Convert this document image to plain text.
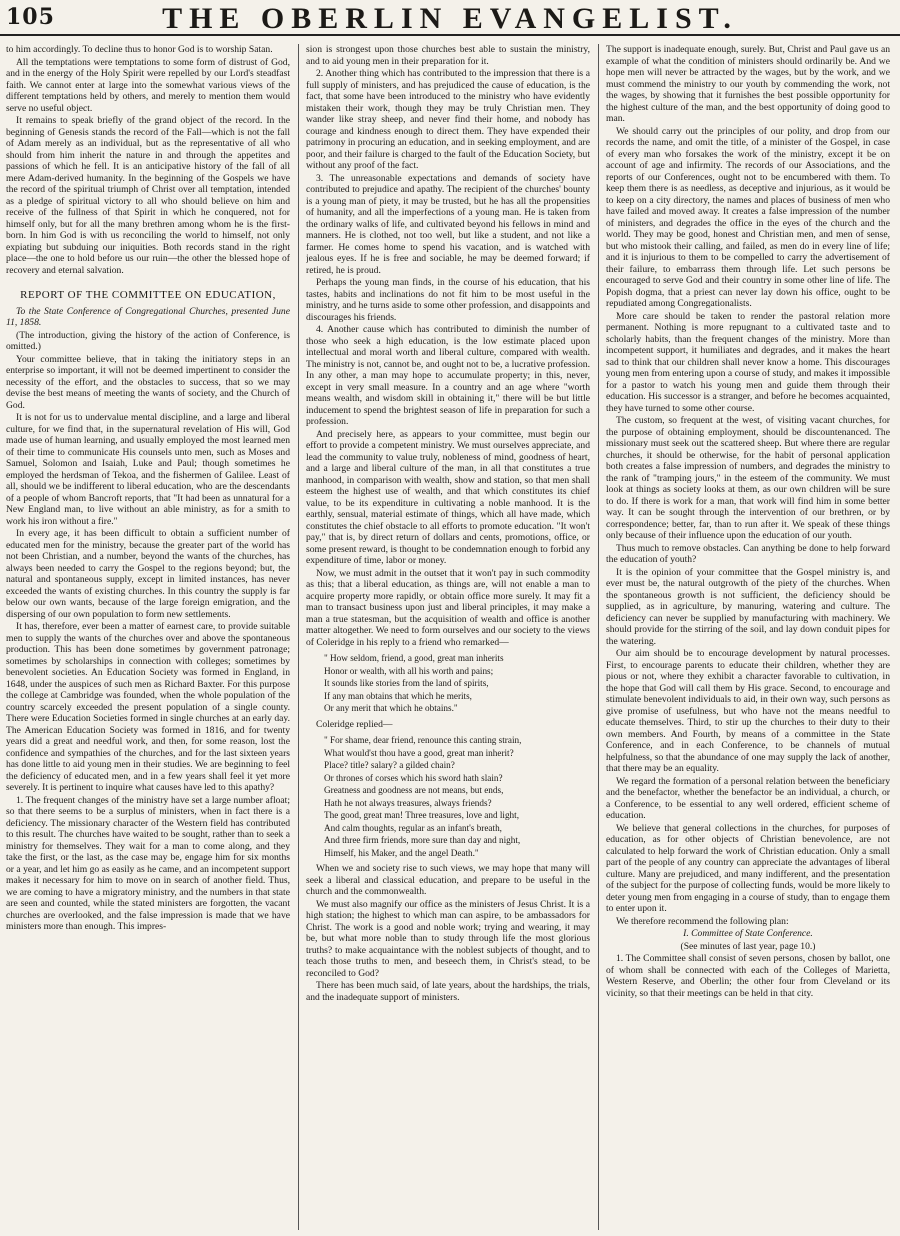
105	THE OBERLIN EVANGELIST.

to him accordingly. To decline thus to honor God is to worship Satan.

All the temptations were temptations to some form of distrust of God, and in the energy of the Holy Spirit were repelled by our Lord's steadfast faith. We cannot enter at large into the somewhat various views of the different temptations held by others, and merely to mention them would serve no useful object.

It remains to speak briefly of the grand object of the record. In the beginning of Genesis stands the record of the Fall—which is not the fall of Adam merely as an individual, but as the representative of all who should from him inherit the nature in and through the appetites and passions of which he fell. It is an anticipative history of the fall of all mere Adam-derived humanity. In the beginning of the Gospels we have the record of the spiritual triumph of Christ over all temptation, intended as a pledge of spiritual victory to all who should believe on him and receive of the fullness of that Spirit in which he conquered, not for himself only, but for all the many brethren among whom he is the first-born. In him God is with us reconciling the world to himself, not only expiating but subduing our iniquities. Both records stand in the right place—the one to hold before us our ruin—the other the blessed hope of recovery and eternal salvation.

REPORT OF THE COMMITTEE ON EDUCATION,

To the State Conference of Congregational Churches, presented June 11, 1858.

(The introduction, giving the history of the action of Conference, is omitted.)

Your committee believe, that in taking the initiatory steps in an enterprise so important, it will not be deemed impertinent to consider the necessity of the effort, and the obstacles to success, that so we may devise the best means of meeting the wants of society, and the Church of God.

It is not for us to undervalue mental discipline, and a large and liberal culture, for we find that, in the supernatural revelation of His will, God made use of human learning, and usually employed the most learned men of their time to communicate His counsels unto men, such as Moses and Samuel, Solomon and Isaiah, Luke and Paul; though sometimes he employed the herdsman of Tekoa, and the fishermen of Galilee. Least of all, should we be indifferent to liberal education, who are the descendants of a people of whom Bancroft reports, that "It had been as unnatural for a New England man, to live without an able ministry, as for a smith to work his iron without a fire."

In every age, it has been difficult to obtain a sufficient number of educated men for the ministry, because the greater part of the world has not been Christian, and a number, beyond the wants of the churches, has always been needed to carry the Gospel to the regions beyond; but, the natural and spontaneous supply, except in limited instances, has never exceeded the wants of existing churches. In this country the supply is far below our own wants, because of the large foreign emigration, and the dispersing of our own population to form new settlements.

It has, therefore, ever been a matter of earnest care, to provide suitable men to supply the wants of the churches over and above the spontaneous production. This has been done sometimes by government patronage; sometimes by scholarships in connection with colleges; sometimes by benevolent societies. An Education Society was formed in England, in 1648, under the auspices of such men as Richard Baxter. For this purpose the college at Cambridge was founded, when the whole population of the country scarcely exceeded the present population of a single county. There were Education Societies formed in single churches at an early day. The American Education Society was formed in 1816, and for twenty years did a great and needful work, and then, for some reason, lost the confidence and sympathies of the churches, and for the last sixteen years has done little to aid young men in their studies. We are beginning to feel the deficiency of educated men, and in a few years shall feel it yet more severely. It is pertinent to inquire what causes have led to this apathy?

1. The frequent changes of the ministry have set a large number afloat; so that there seems to be a surplus of ministers, when in fact there is a deficiency. The missionary character of the Western field has contributed to this result. The churches have waited to be sought, rather than to seek a ministry for themselves. They wait for a man to come along, and they take the first, or the last, as the case may be, engage him for six months or a year, and let him go as easily as he came, and an incompetent support makes it necessary for him to move on in search of another field. Thus, we are coming to have a migratory ministry, and the numbers in that state are seen and counted, while the stated ministers are forgotten, the vacant churches are overlooked, and the false impression is made that we have ministers more than enough. This impres-

sion is strongest upon those churches best able to sustain the ministry, and to aid young men in their preparation for it.

2. Another thing which has contributed to the impression that there is a full supply of ministers, and has prejudiced the cause of education, is the fact, that some have been introduced to the ministry who have evidently mistaken their work, though they may be truly Christian men. They wander like stray sheep, and never find their home, and nobody has courage and kindness enough to direct them. They have expended their patrimony in procuring an education, and in seeking employment, and are poor, and their failure is charged to the fault of the Education Society, but without any proof of the fact.

3. The unreasonable expectations and demands of society have contributed to prejudice and apathy. The recipient of the churches' bounty is a young man of piety, it may be trusted, but he has all the propensities of humanity, and all the imperfections of a young man. He is taken from the ordinary walks of life, and cultivated beyond his fellows in mind and manners. He is clothed, not too well, but like a student, and not like a farmer. He comes home to spend his vacation, and is watched with jealous eyes. If he is free and sociable, he may be deemed forward; if retired, he is proud.

Perhaps the young man finds, in the course of his education, that his tastes, habits and inclinations do not fit him to be most useful in the ministry, and he turns aside to some other profession, and disappoints and discourages his friends.

4. Another cause which has contributed to diminish the number of those who seek a high education, is the low estimate placed upon intellectual and moral worth and liberal culture, compared with wealth. The ministry is not, cannot be, and ought not to be, a lucrative profession. In any other, a man may hope to accumulate property; in this, never, except in very small measure. In a country and an age where "worth means wealth, and wisdom skill in obtaining it," there will be but little inducement to spend the brightest season of life in preparation for such a profession.

And precisely here, as appears to your committee, must begin our effort to provide a competent ministry. We must ourselves appreciate, and lead the community to value truly, nobleness of mind, goodness of heart, and a large and liberal culture of the man, in all that constitutes a true manhood, in comparison with wealth, show and station, so that men shall esteem the highest use of wealth, and that which constitutes its chief value, to be its expenditure in cultivating a noble manhood. It is the earthly, sensual, material estimate of things, which all have made, which constitutes the chief obstacle to all efforts to promote education. "It won't pay," that is, by direct return of dollars and cents, promotions, office, or some present reward, is thought to be condemnation enough to forbid any expenditure of time, labor or money.

Now, we must admit in the outset that it won't pay in such commodity as this; that a liberal education, as things are, will not enable a man to acquire property more rapidly, or obtain office more surely. It may fit a man to transact business upon just and liberal principles, it may make a man a true statesman, but the acquisition of wealth and office is another matter altogether. We need to form ourselves and our society to the views of Coleridge in his reply to a friend who remarked—

" How seldom, friend, a good, great man inherits
Honor or wealth, with all his worth and pains;
It sounds like stories from the land of spirits,
If any man obtains that which he merits,
Or any merit that which he obtains."

Coleridge replied—

" For shame, dear friend, renounce this canting strain,
What would'st thou have a good, great man inherit?
Place? title? salary? a gilded chain?
Or thrones of corses which his sword hath slain?
Greatness and goodness are not means, but ends,
Hath he not always treasures, always friends?
The good, great man! Three treasures, love and light,
And calm thoughts, regular as an infant's breath,
And three firm friends, more sure than day and night,
Himself, his Maker, and the angel Death."

When we and society rise to such views, we may hope that many will seek a liberal and classical education, and prepare to be useful in the church and the commonwealth.

We must also magnify our office as the ministers of Jesus Christ. It is a high station; the highest to which man can aspire, to be ambassadors for Christ. The work is a good and noble work; trying and wearing, it may be, but what more noble than to study through life the most glorious truths? to make acquaintance with the noblest subjects of thought, and to teach those truths to men, and beseech them, in Christ's stead, to be reconciled to God?

There has been much said, of late years, about the hardships, the trials, and the inadequate support of ministers.

The support is inadequate enough, surely. But, Christ and Paul gave us an example of what the condition of ministers should ordinarily be. And we hope men will never be attracted by the wages, but by the work, and we must commend the ministry to our youth by commending the work, not the wages, by showing that it furnishes the best possible opportunity for the highest culture of the man, and the best opportunity of doing good to man.

We should carry out the principles of our polity, and drop from our records the name, and omit the title, of a minister of the Gospel, in case of every man who forsakes the work of the ministry, except it be on account of age and infirmity. The records of our Associations, and the reports of our Conferences, ought not to be encumbered with them. To keep them there is as needless, as deceptive and injurious, as it would be to keep on a city directory, the names and places of business of men who have failed and moved away. It creates a false impression of the number of ministers, and degrades the office in the eyes of the church and the world. They may be good, honest and Christian men, and men of sense, but who mistook their calling, and failed, as men do in every line of life; and it is injurious to them to be compelled to carry the advertisement of their failure, to embarrass them through life. Let such persons be encouraged to serve God and their country in some other line of life. The Popish dogma, that a priest can never lay down his office, ought to be repudiated among Congregationalists.

More care should be taken to render the pastoral relation more permanent. Nothing is more repugnant to a cultivated taste and to scholarly habits, than the frequent changes of the ministry. More than incompetent support, it humiliates and degrades, and it makes the heart sad to think that our children shall never know a home. This discourages young men from entering upon a course of study, and makes it impossible for a pastor to watch his young men and guide them through their education. His successor is a stranger, and before he becomes acquainted, they have turned to some other course.

The custom, so frequent at the west, of visiting vacant churches, for the purpose of obtaining employment, should be discountenanced. The missionary must seek out the scattered sheep. But where there are regular churches, it should be otherwise, for the habit of personal application both creates a false impression of numbers, and degrades the ministry to the rank of "tramping jours," in the esteem of the community. We must look at things as society looks at them, as our own children will be sure to do. If there is work for a man, that work will find him in some better way. It can be sought through the intervention of our brethren, or by correspondence; better, far, than to run after it. We speak of these things only because of their influence upon the education of our youth.

Thus much to remove obstacles. Can anything be done to help forward the education of youth?

It is the opinion of your committee that the Gospel ministry is, and ever must be, the natural outgrowth of the piety of the churches. When the spontaneous growth is not sufficient, the deficiency should be supplied, as in agriculture, by manuring, watering and culture. The deficiency can never be supplied by manufacturing with machinery. We should provide for the stirring of the soil, and lay down conduit pipes for the watering.

Our aim should be to encourage development by natural processes. First, to encourage parents to educate their children, whether they are pious or not, where they exhibit a character favorable to cultivation, in the hope that God will call them by His grace. Second, to encourage and stimulate benevolent individuals to aid, in their own way, such persons as give promise of usefulness, but who have not the means needful to educate themselves. Third, to stir up the churches to their duty to their own members. And Fourth, by means of a committee in the State Conference, and in each Conference, to be channels of mutual helpfulness, so that the abundance of one may supply the lack of another, that there may be an equality.

We regard the formation of a personal relation between the beneficiary and the benefactor, whether the benefactor be an individual, a church, or a Conference, to be essential to any well ordered, efficient scheme of education.

We believe that general collections in the churches, for purposes of education, as for other objects of Christian benevolence, are not calculated to help forward the work of Christian education. Only a small part of the people of any country can appreciate the advantages of liberal culture. Many are prejudiced, and many indifferent, and the presentation of the subject for the purpose of collecting funds, would be more likely to deter young men from engaging in a course of study, than to engage them to enter upon it.

We therefore recommend the following plan:

I. Committee of State Conference.

(See minutes of last year, page 10.)

1. The Committee shall consist of seven persons, chosen by ballot, one of whom shall be connected with each of the Colleges of Marietta, Western Reserve, and Oberlin; the other four from Cleveland or its vicinity, so that their meetings can be held in that city.
